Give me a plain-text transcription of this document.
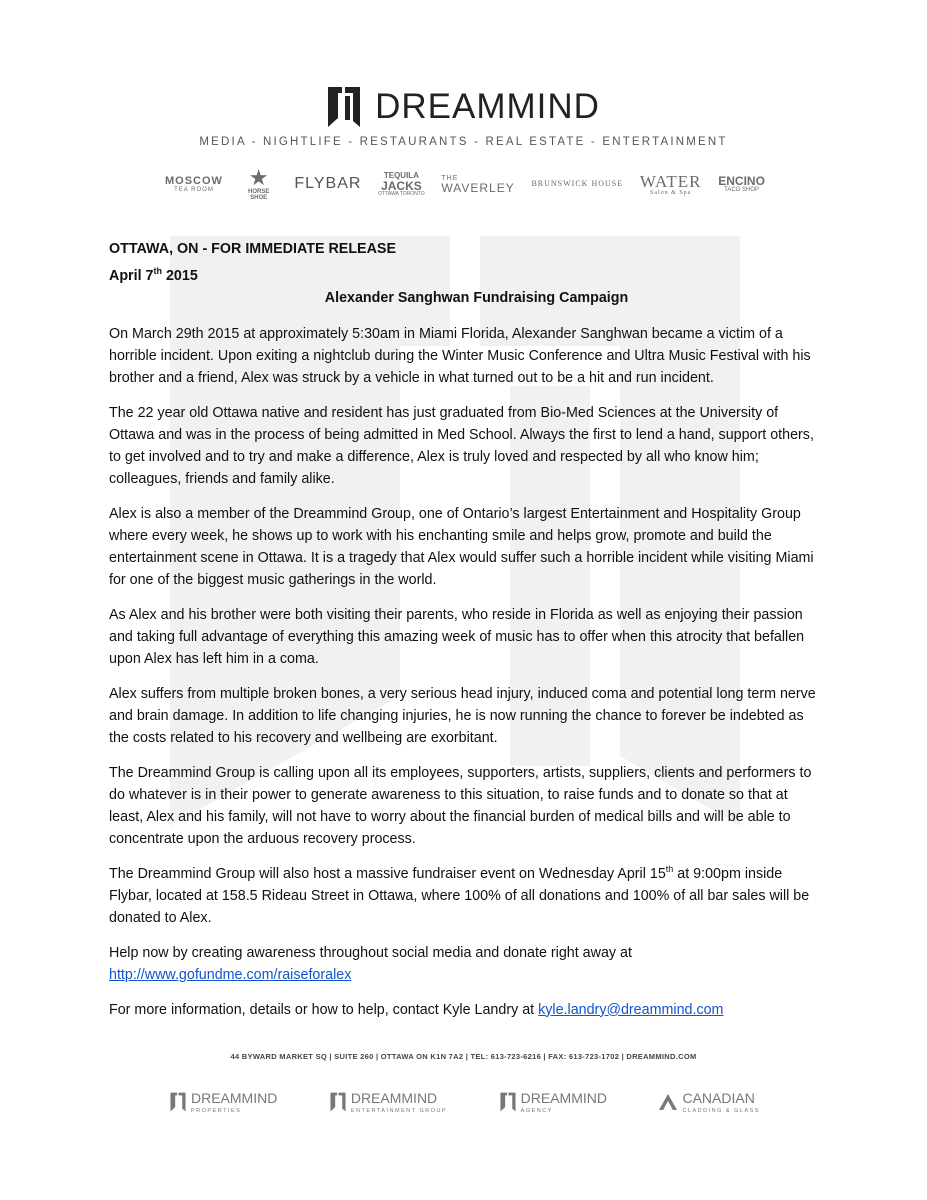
DREAMMIND
MEDIA - NIGHTLIFE - RESTAURANTS - REAL ESTATE - ENTERTAINMENT
MOSCOW
TEA ROOM	★
HORSE SHOE
FLYBAR	TEQUILA
JACKS
OTTAWA TORONTO
THE
WAVERLEY BRUNSWICK HOUSE WATER
Salon & Spa
ENCINO
TACO SHOP

OTTAWA, ON - FOR IMMEDIATE RELEASE

April 7th 2015

Alexander Sanghwan Fundraising Campaign

On March 29th 2015 at approximately 5:30am in Miami Florida, Alexander Sanghwan became a victim of a horrible incident. Upon exiting a nightclub during the Winter Music Conference and Ultra Music Festival with his brother and a friend, Alex was struck by a vehicle in what turned out to be a hit and run incident.

The 22 year old Ottawa native and resident has just graduated from Bio-Med Sciences at the University of Ottawa and was in the process of being admitted in Med School. Always the first to lend a hand, support others, to get involved and to try and make a difference, Alex is truly loved and respected by all who know him; colleagues, friends and family alike.

Alex is also a member of the Dreammind Group, one of Ontario’s largest Entertainment and Hospitality Group where every week, he shows up to work with his enchanting smile and helps grow, promote and build the entertainment scene in Ottawa. It is a tragedy that Alex would suffer such a horrible incident while visiting Miami for one of the biggest music gatherings in the world.

As Alex and his brother were both visiting their parents, who reside in Florida as well as enjoying their passion and taking full advantage of everything this amazing week of music has to offer when this atrocity that befallen upon Alex has left him in a coma.

Alex suffers from multiple broken bones, a very serious head injury, induced coma and potential long term nerve and brain damage. In addition to life changing injuries, he is now running the chance to forever be indebted as the costs related to his recovery and wellbeing are exorbitant.

The Dreammind Group is calling upon all its employees, supporters, artists, suppliers, clients and performers to do whatever is in their power to generate awareness to this situation, to raise funds and to donate so that at least, Alex and his family, will not have to worry about the financial burden of medical bills and will be able to concentrate upon the arduous recovery process.

The Dreammind Group will also host a massive fundraiser event on Wednesday April 15th at 9:00pm inside Flybar, located at 158.5 Rideau Street in Ottawa, where 100% of all donations and 100% of all bar sales will be donated to Alex.

Help now by creating awareness throughout social media and donate right away at
http://www.gofundme.com/raiseforalex

For more information, details or how to help, contact Kyle Landry at kyle.landry@dreammind.com

44 BYWARD MARKET SQ | SUITE 260 | OTTAWA ON K1N 7A2 | TEL: 613-723-6216 | FAX: 613-723-1702 | DREAMMIND.COM
DREAMMIND
PROPERTIES
DREAMMIND
ENTERTAINMENT GROUP
DREAMMIND
AGENCY
CANADIAN
CLADDING & GLASS
